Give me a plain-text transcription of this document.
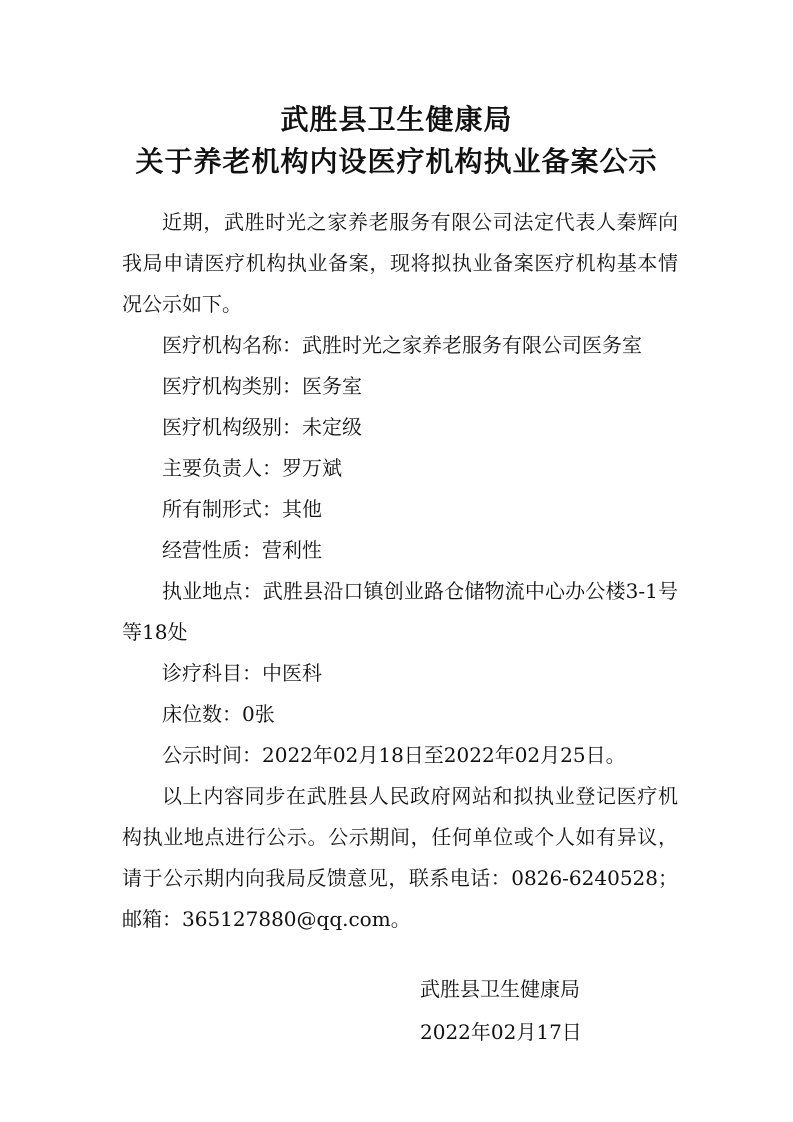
武胜县卫生健康局
关于养老机构内设医疗机构执业备案公示

近期，武胜时光之家养老服务有限公司法定代表人秦辉向我局申请医疗机构执业备案，现将拟执业备案医疗机构基本情况公示如下。

医疗机构名称：武胜时光之家养老服务有限公司医务室

医疗机构类别：医务室

医疗机构级别：未定级

主要负责人：罗万斌

所有制形式：其他

经营性质：营利性

执业地点：武胜县沿口镇创业路仓储物流中心办公楼3-1号等18处

诊疗科目：中医科

床位数：0张

公示时间：2022年02月18日至2022年02月25日。

以上内容同步在武胜县人民政府网站和拟执业登记医疗机构执业地点进行公示。公示期间，任何单位或个人如有异议，请于公示期内向我局反馈意见，联系电话：0826-6240528；邮箱：365127880@qq.com。

武胜县卫生健康局
2022年02月17日
